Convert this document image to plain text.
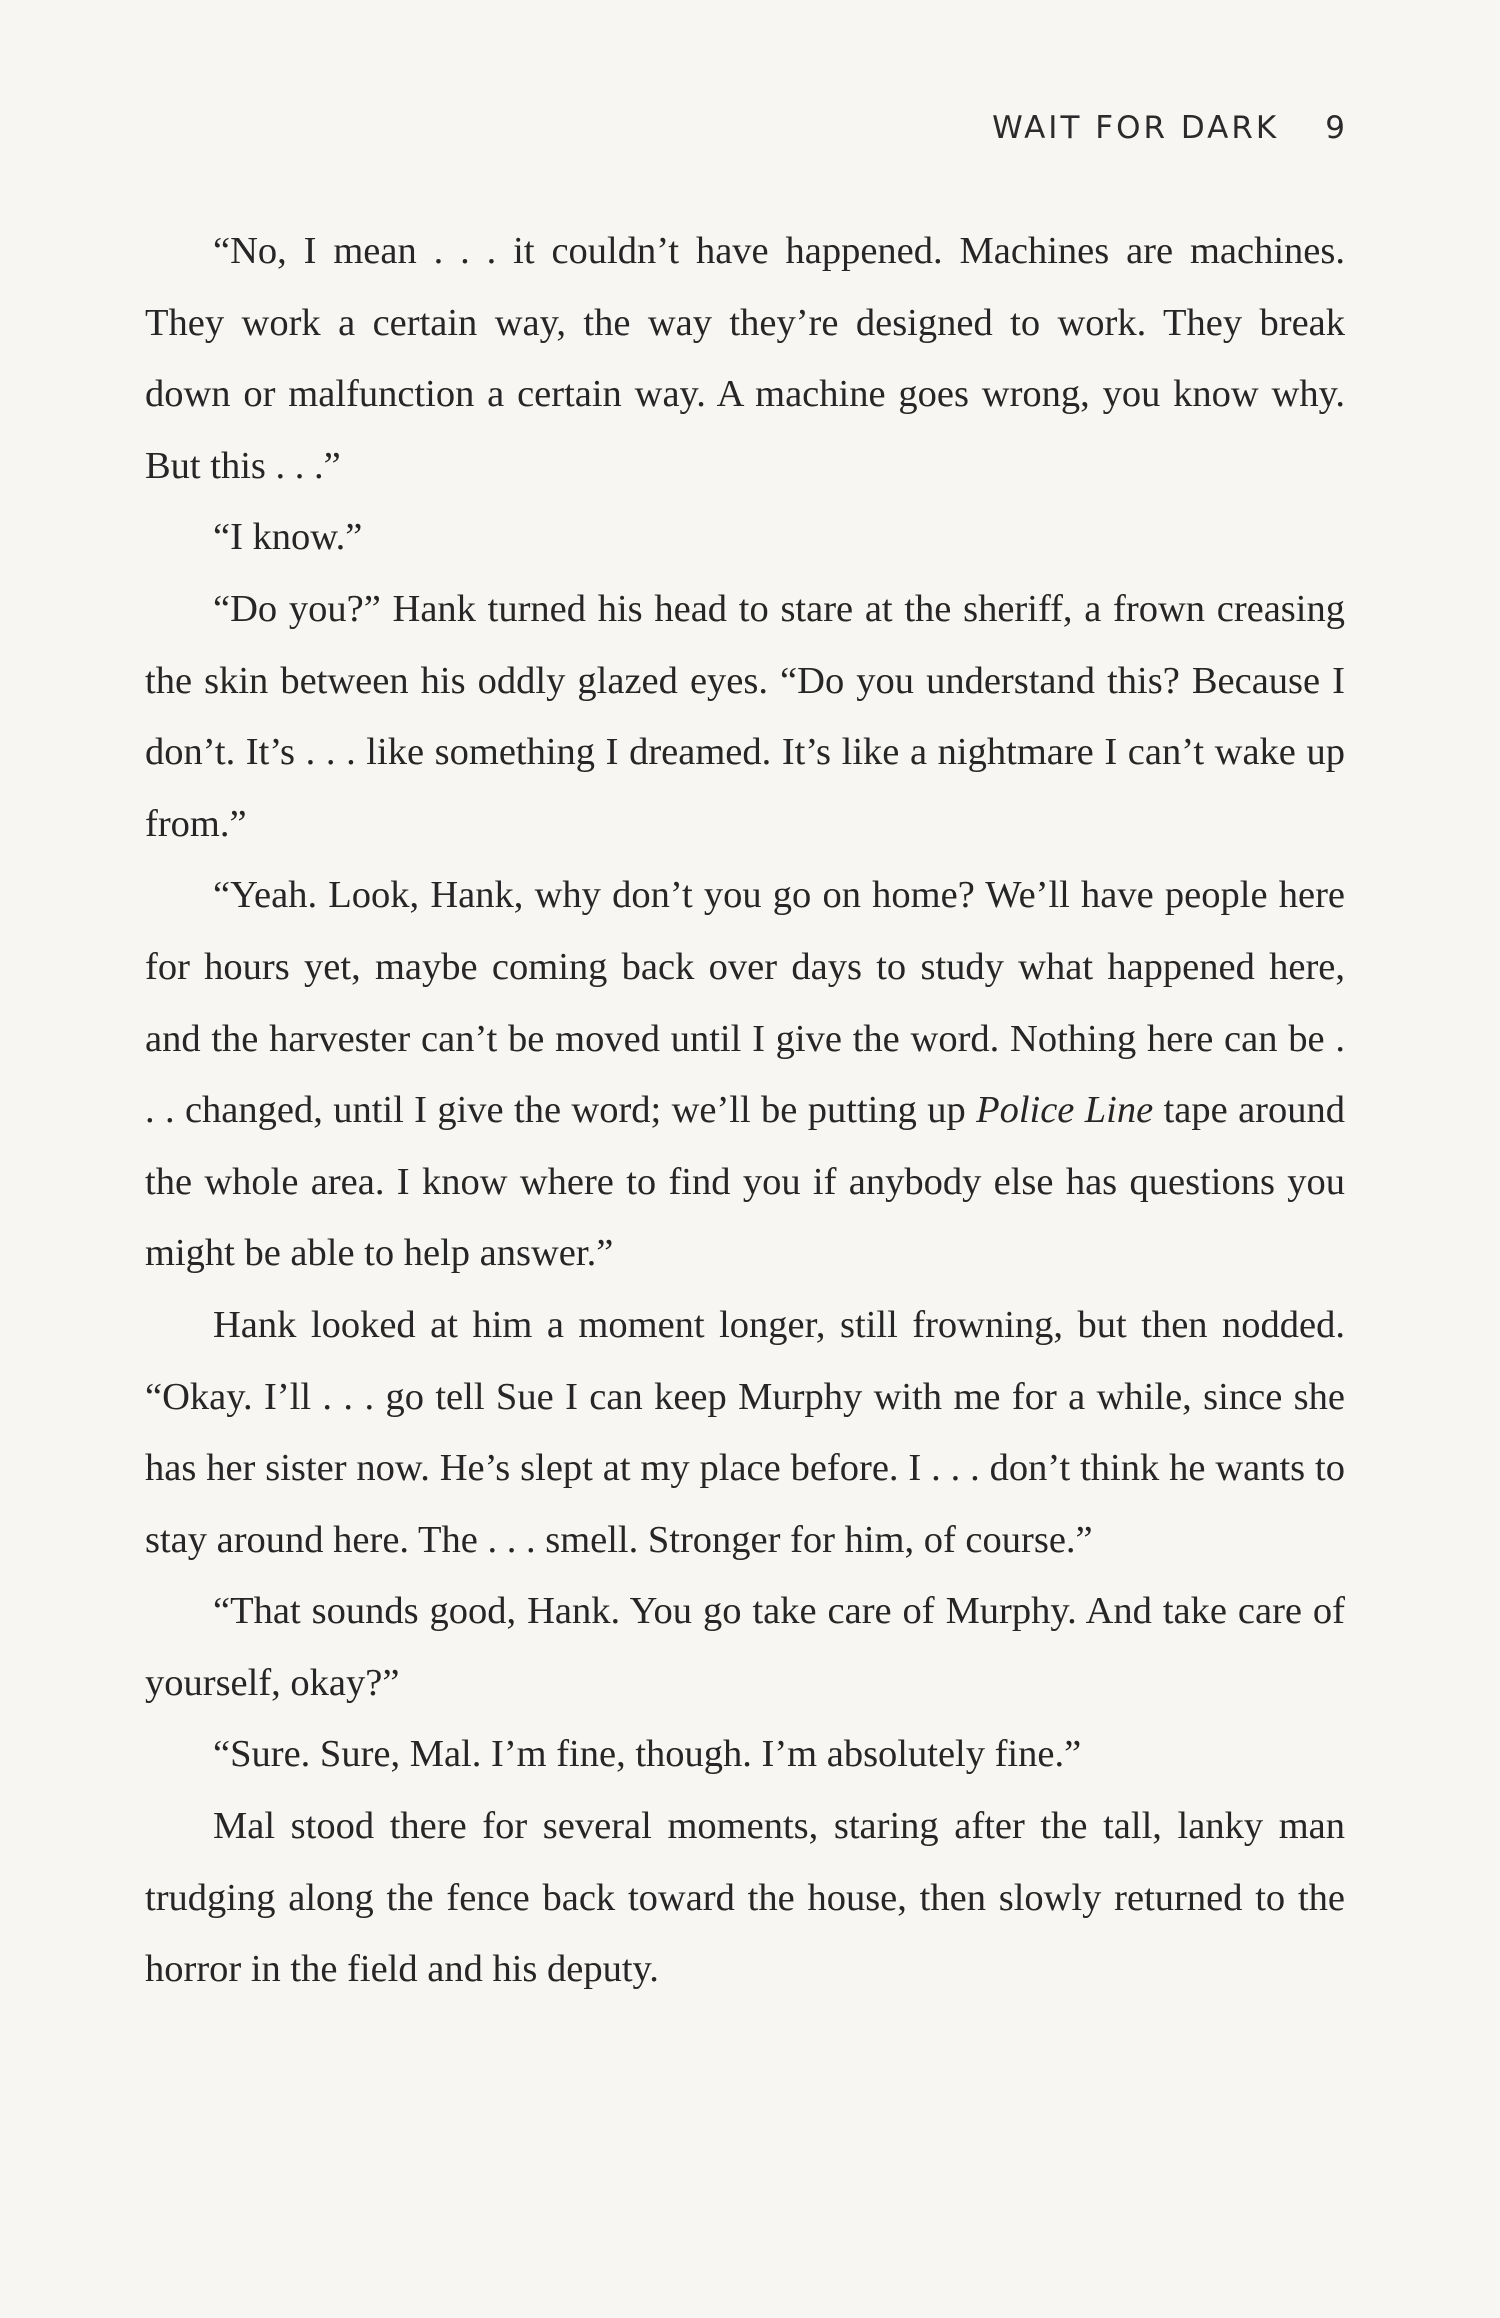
WAIT FOR DARK 9

“No, I mean . . . it couldn’t have happened. Machines are machines. They work a certain way, the way they’re designed to work. They break down or malfunction a certain way. A machine goes wrong, you know why. But this . . .”

“I know.”

“Do you?” Hank turned his head to stare at the sheriff, a frown creasing the skin between his oddly glazed eyes. “Do you understand this? Because I don’t. It’s . . . like something I dreamed. It’s like a nightmare I can’t wake up from.”

“Yeah. Look, Hank, why don’t you go on home? We’ll have people here for hours yet, maybe coming back over days to study what happened here, and the harvester can’t be moved until I give the word. Nothing here can be . . . changed, until I give the word; we’ll be putting up Police Line tape around the whole area. I know where to find you if anybody else has questions you might be able to help answer.”

Hank looked at him a moment longer, still frowning, but then nodded. “Okay. I’ll . . . go tell Sue I can keep Murphy with me for a while, since she has her sister now. He’s slept at my place before. I . . . don’t think he wants to stay around here. The . . . smell. Stronger for him, of course.”

“That sounds good, Hank. You go take care of Murphy. And take care of yourself, okay?”

“Sure. Sure, Mal. I’m fine, though. I’m absolutely fine.”

Mal stood there for several moments, staring after the tall, lanky man trudging along the fence back toward the house, then slowly returned to the horror in the field and his deputy.
